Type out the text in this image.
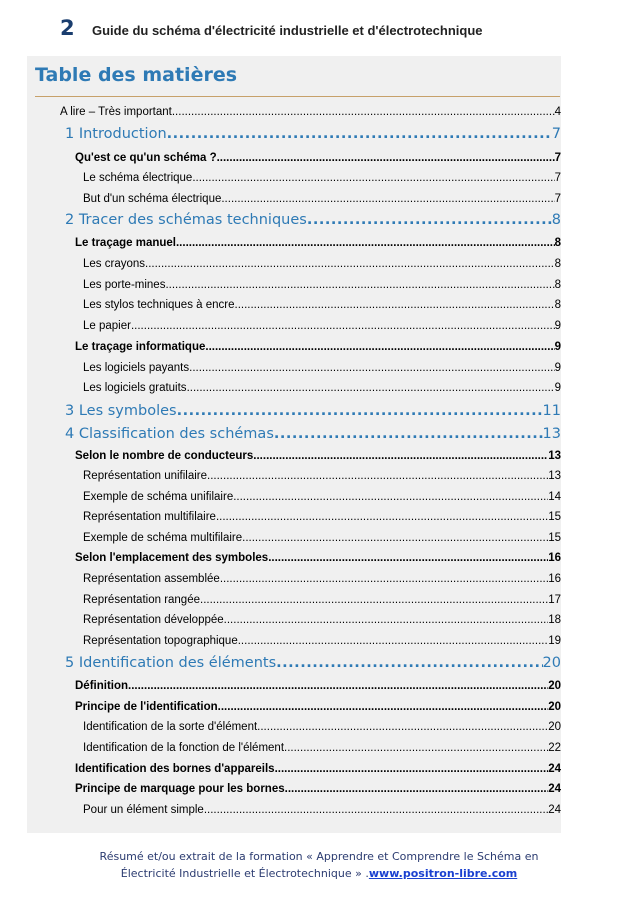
2 Guide du schéma d'électricité industrielle et d'électrotechnique
Table des matières
A lire – Très important .....	4
1 Introduction .....	7
Qu'est ce qu'un schéma ? .....	7
Le schéma électrique .....	7
But d'un schéma électrique .....	7
2 Tracer des schémas techniques .....	8
Le traçage manuel .....	8
Les crayons .....	8
Les porte-mines .....	8
Les stylos techniques à encre .....	8
Le papier .....	9
Le traçage informatique .....	9
Les logiciels payants .....	9
Les logiciels gratuits .....	9
3 Les symboles .....	11
4 Classification des schémas .....	13
Selon le nombre de conducteurs .....	13
Représentation unifilaire .....	13
Exemple de schéma unifilaire .....	14
Représentation multifilaire .....	15
Exemple de schéma multifilaire .....	15
Selon l'emplacement des symboles .....	16
Représentation assemblée .....	16
Représentation rangée .....	17
Représentation développée .....	18
Représentation topographique .....	19
5 Identification des éléments .....	20
Définition .....	20
Principe de l'identification .....	20
Identification de la sorte d'élément .....	20
Identification de la fonction de l'élément .....	22
Identification des bornes d'appareils .....	24
Principe de marquage pour les bornes .....	24
Pour un élément simple .....	24
Résumé et/ou extrait de la formation « Apprendre et Comprendre le Schéma en
Électricité Industrielle et Électrotechnique » .www.positron-libre.com
